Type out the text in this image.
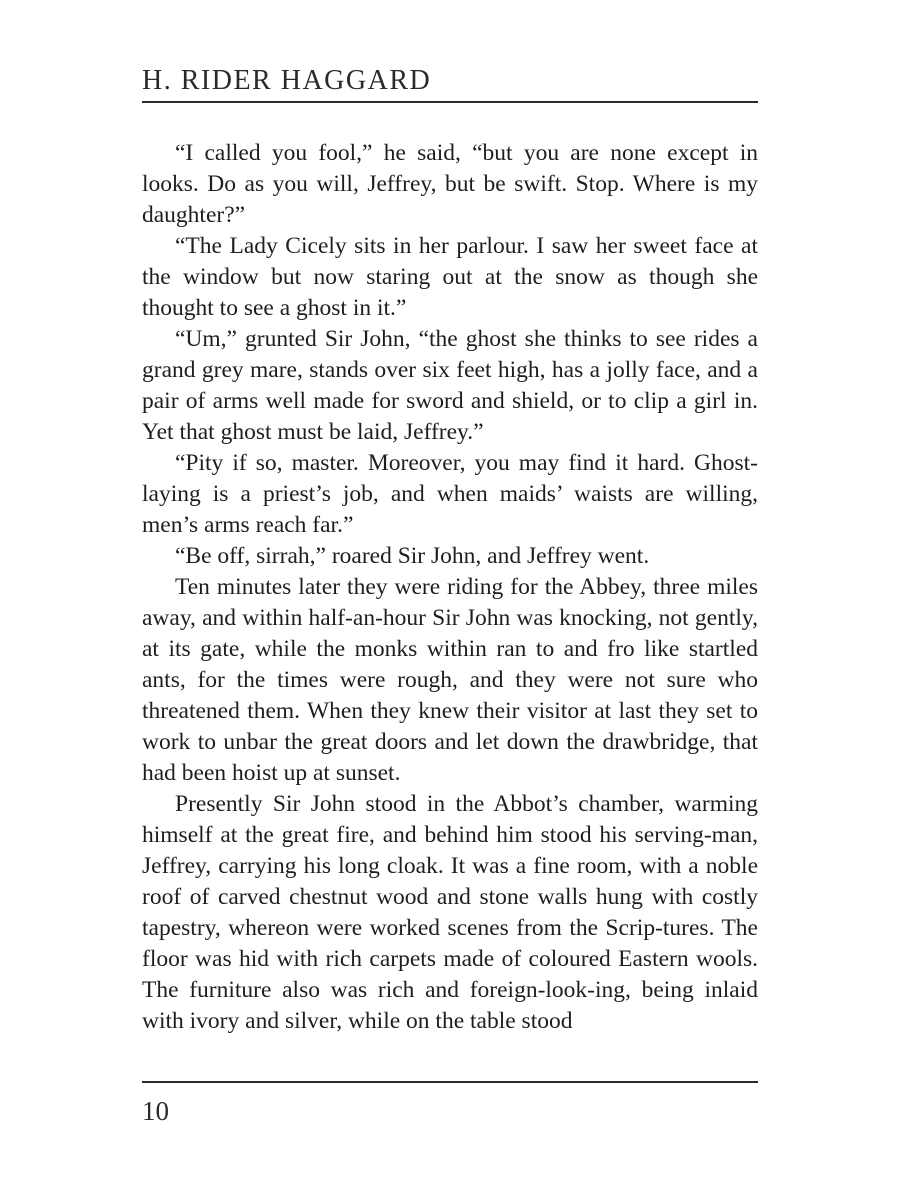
H. RIDER HAGGARD

“I called you fool,” he said, “but you are none except in looks. Do as you will, Jeffrey, but be swift. Stop. Where is my daughter?”

“The Lady Cicely sits in her parlour. I saw her sweet face at the window but now staring out at the snow as though she thought to see a ghost in it.”

“Um,” grunted Sir John, “the ghost she thinks to see rides a grand grey mare, stands over six feet high, has a jolly face, and a pair of arms well made for sword and shield, or to clip a girl in. Yet that ghost must be laid, Jeffrey.”

“Pity if so, master. Moreover, you may find it hard. Ghost-laying is a priest’s job, and when maids’ waists are willing, men’s arms reach far.”

“Be off, sirrah,” roared Sir John, and Jeffrey went.

Ten minutes later they were riding for the Abbey, three miles away, and within half-an-hour Sir John was knocking, not gently, at its gate, while the monks within ran to and fro like startled ants, for the times were rough, and they were not sure who threatened them. When they knew their visitor at last they set to work to unbar the great doors and let down the drawbridge, that had been hoist up at sunset.

Presently Sir John stood in the Abbot’s chamber, warming himself at the great fire, and behind him stood his serving-man, Jeffrey, carrying his long cloak. It was a fine room, with a noble roof of carved chestnut wood and stone walls hung with costly tapestry, whereon were worked scenes from the Scrip-tures. The floor was hid with rich carpets made of coloured Eastern wools. The furniture also was rich and foreign-look-ing, being inlaid with ivory and silver, while on the table stood

10
